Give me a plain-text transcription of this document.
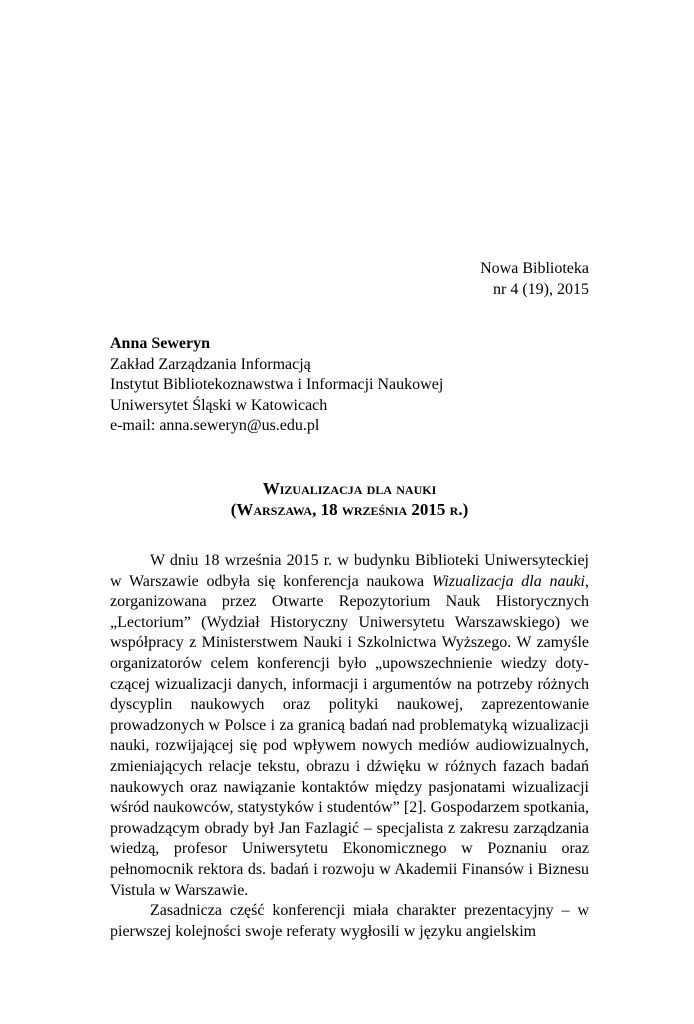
Nowa Biblioteka
nr 4 (19), 2015
Anna Seweryn
Zakład Zarządzania Informacją
Instytut Bibliotekoznawstwa i Informacji Naukowej
Uniwersytet Śląski w Katowicach
e-mail: anna.seweryn@us.edu.pl
Wizualizacja dla nauki
(Warszawa, 18 września 2015 r.)

W dniu 18 września 2015 r. w budynku Biblioteki Uniwersyteckiej w Warszawie odbyła się konferencja naukowa Wizualizacja dla nauki, zorganizowana przez Otwarte Repozytorium Nauk Historycznych „Lectorium” (Wydział Historyczny Uniwersytetu Warszawskiego) we współpracy z Ministerstwem Nauki i Szkolnictwa Wyższego. W zamyśle organizatorów celem konferencji było „upowszechnienie wiedzy dotyczącej wizualizacji danych, informacji i argumentów na potrzeby różnych dyscyplin naukowych oraz polityki naukowej, zaprezentowanie prowadzonych w Polsce i za granicą badań nad problematyką wizualizacji nauki, rozwijającej się pod wpływem nowych mediów audiowizualnych, zmieniających relacje tekstu, obrazu i dźwięku w różnych fazach badań naukowych oraz nawiązanie kontaktów między pasjonatami wizualizacji wśród naukowców, statystyków i studentów” [2]. Gospodarzem spotkania, prowadzącym obrady był Jan Fazlagić – specjalista z zakresu zarządzania wiedzą, profesor Uniwersytetu Ekonomicznego w Poznaniu oraz pełnomocnik rektora ds. badań i rozwoju w Akademii Finansów i Biznesu Vistula w Warszawie.

Zasadnicza część konferencji miała charakter prezentacyjny – w pierwszej kolejności swoje referaty wygłosili w języku angielskim
